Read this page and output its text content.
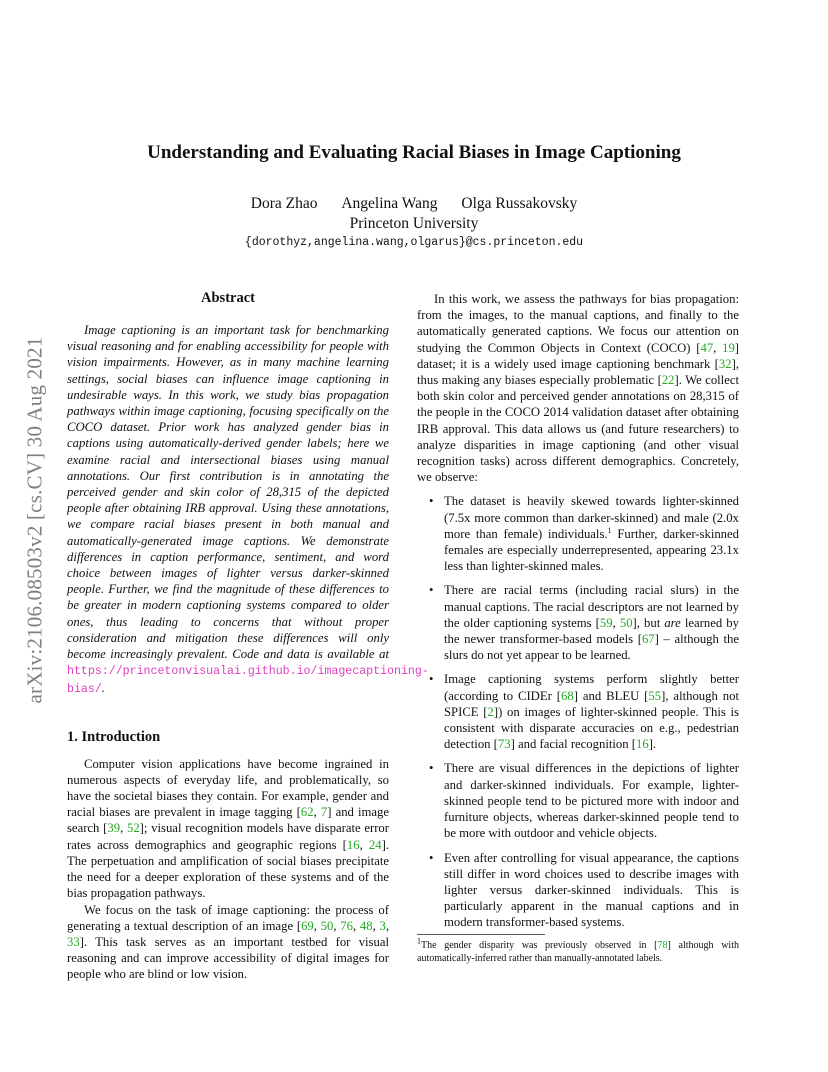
arXiv:2106.08503v2 [cs.CV] 30 Aug 2021
Understanding and Evaluating Racial Biases in Image Captioning
Dora Zhao Angelina Wang Olga Russakovsky
Princeton University
{dorothyz,angelina.wang,olgarus}@cs.princeton.edu
Abstract

Image captioning is an important task for benchmarking visual reasoning and for enabling accessibility for people with vision impairments. However, as in many machine learning settings, social biases can influence image captioning in undesirable ways. In this work, we study bias propagation pathways within image captioning, focusing specifically on the COCO dataset. Prior work has analyzed gender bias in captions using automatically-derived gender labels; here we examine racial and intersectional biases using manual annotations. Our first contribution is in annotating the perceived gender and skin color of 28,315 of the depicted people after obtaining IRB approval. Using these annotations, we compare racial biases present in both manual and automatically-generated image captions. We demonstrate differences in caption performance, sentiment, and word choice between images of lighter versus darker-skinned people. Further, we find the magnitude of these differences to be greater in modern captioning systems compared to older ones, thus leading to concerns that without proper consideration and mitigation these differences will only become increasingly prevalent. Code and data is available at https://princetonvisualai.github.io/imagecaptioning-bias/.

1. Introduction

Computer vision applications have become ingrained in numerous aspects of everyday life, and problematically, so have the societal biases they contain. For example, gender and racial biases are prevalent in image tagging [62, 7] and image search [39, 52]; visual recognition models have disparate error rates across demographics and geographic regions [16, 24]. The perpetuation and amplification of social biases precipitate the need for a deeper exploration of these systems and of the bias propagation pathways.

We focus on the task of image captioning: the process of generating a textual description of an image [69, 50, 76, 48, 3, 33]. This task serves as an important testbed for visual reasoning and can improve accessibility of digital images for people who are blind or low vision.

In this work, we assess the pathways for bias propagation: from the images, to the manual captions, and finally to the automatically generated captions. We focus our attention on studying the Common Objects in Context (COCO) [47, 19] dataset; it is a widely used image captioning benchmark [32], thus making any biases especially problematic [22]. We collect both skin color and perceived gender annotations on 28,315 of the people in the COCO 2014 validation dataset after obtaining IRB approval. This data allows us (and future researchers) to analyze disparities in image captioning (and other visual recognition tasks) across different demographics. Concretely, we observe:

• The dataset is heavily skewed towards lighter-skinned (7.5x more common than darker-skinned) and male (2.0x more than female) individuals.$^1$ Further, darker-skinned females are especially underrepresented, appearing 23.1x less than lighter-skinned males.
• There are racial terms (including racial slurs) in the manual captions. The racial descriptors are not learned by the older captioning systems [59, 50], but are learned by the newer transformer-based models [67] – although the slurs do not yet appear to be learned.
• Image captioning systems perform slightly better (according to CIDEr [68] and BLEU [55], although not SPICE [2]) on images of lighter-skinned people. This is consistent with disparate accuracies on e.g., pedestrian detection [73] and facial recognition [16].
• There are visual differences in the depictions of lighter and darker-skinned individuals. For example, lighter-skinned people tend to be pictured more with indoor and furniture objects, whereas darker-skinned people tend to be more with outdoor and vehicle objects.
• Even after controlling for visual appearance, the captions still differ in word choices used to describe images with lighter versus darker-skinned individuals. This is particularly apparent in the manual captions and in modern transformer-based systems.
$^1$The gender disparity was previously observed in [78] although with automatically-inferred rather than manually-annotated labels.
